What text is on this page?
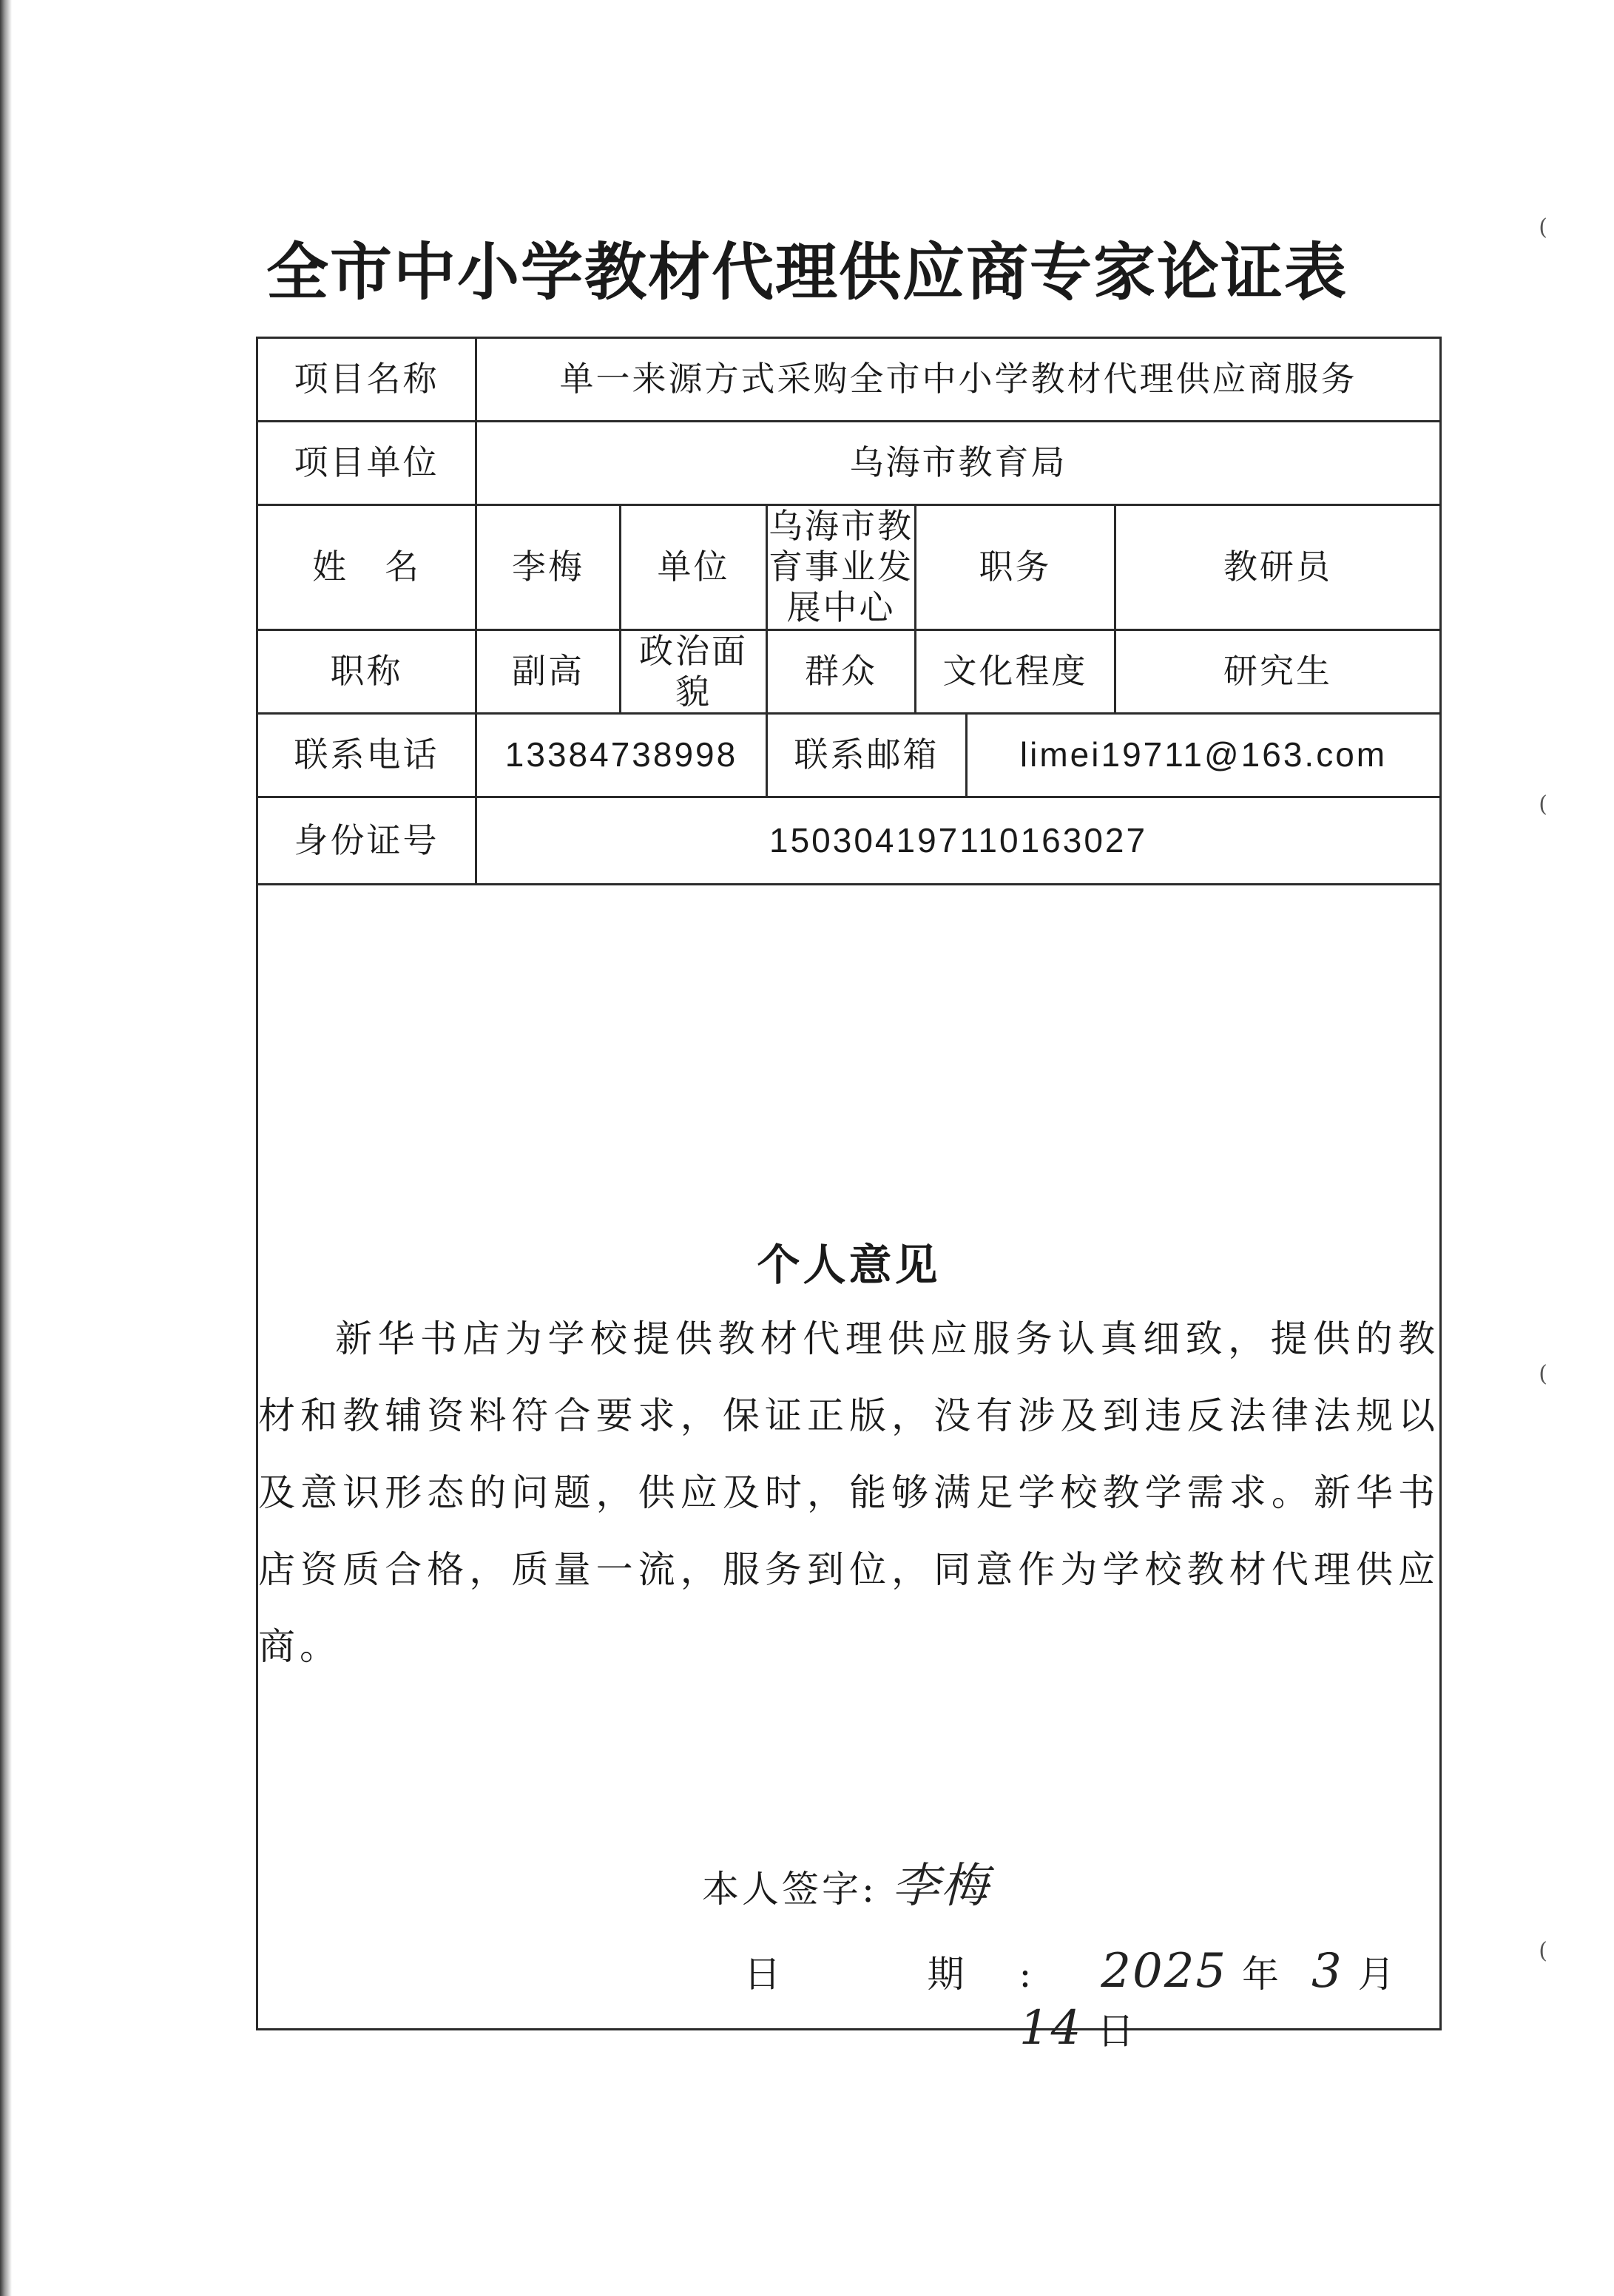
(
(
(
(
全市中小学教材代理供应商专家论证表
项目名称	单一来源方式采购全市中小学教材代理供应商服务					
项目单位	乌海市教育局					
姓　名	李梅	单位	乌海市教育事业发展中心	职务		教研员
职称	副高	政治面貌	群众	文化程度		研究生
联系电话	13384738998		联系邮箱		limei19711@163.com	
身份证号	150304197110163027					

个人意见

新华书店为学校提供教材代理供应服务认真细致，提供的教材和教辅资料符合要求，保证正版，没有涉及到违反法律法规以及意识形态的问题，供应及时，能够满足学校教学需求。新华书店资质合格，质量一流，服务到位，同意作为学校教材代理供应商。

本人签字: 李梅
日　期: 2025 年 3 月 14 日						
